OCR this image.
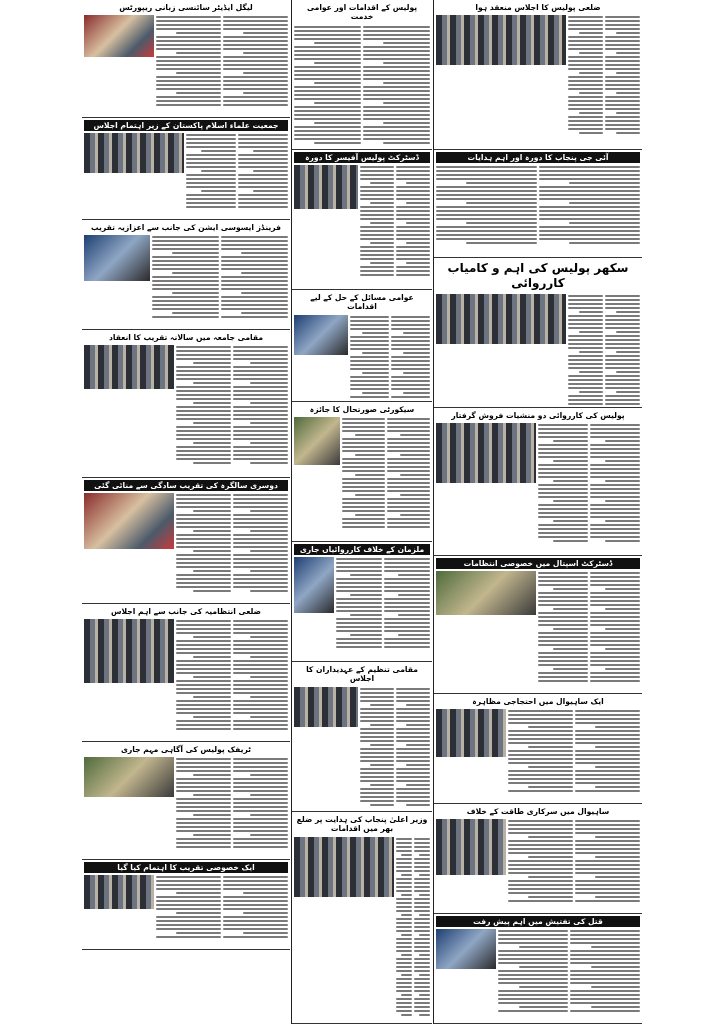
لیگل ایڈیٹر سائنسی زبانی ریپورٹس
جمعیت علماء اسلام پاکستان کے زیر اہتمام اجلاس
فرینڈز ایسوسی ایشن کی جانب سے اعزازیہ تقریب
مقامی جامعہ میں سالانہ تقریب کا انعقاد
دوسری سالگرہ کی تقریب سادگی سے منائی گئی
ضلعی انتظامیہ کی جانب سے اہم اجلاس
ٹریفک پولیس کی آگاہی مہم جاری
ایک خصوصی تقریب کا اہتمام کیا گیا
پولیس کے اقدامات اور عوامی خدمت
ڈسٹرکٹ پولیس آفیسر کا دورہ
عوامی مسائل کے حل کے لیے اقدامات
سیکورٹی صورتحال کا جائزہ
ملزمان کے خلاف کارروائیاں جاری
مقامی تنظیم کے عہدیداران کا اجلاس
وزیر اعلیٰ پنجاب کی ہدایت پر ضلع بھر میں اقدامات
ضلعی پولیس کا اجلاس منعقد ہوا
آئی جی پنجاب کا دورہ اور اہم ہدایات
سکھر پولیس کی اہم و کامیاب کارروائی
پولیس کی کارروائی دو منشیات فروش گرفتار
ڈسٹرکٹ اسپتال میں خصوصی انتظامات
ایک ساہیوال میں احتجاجی مظاہرہ
ساہیوال میں سرکاری طاقت کے خلاف
قتل کی تفتیش میں اہم پیش رفت
